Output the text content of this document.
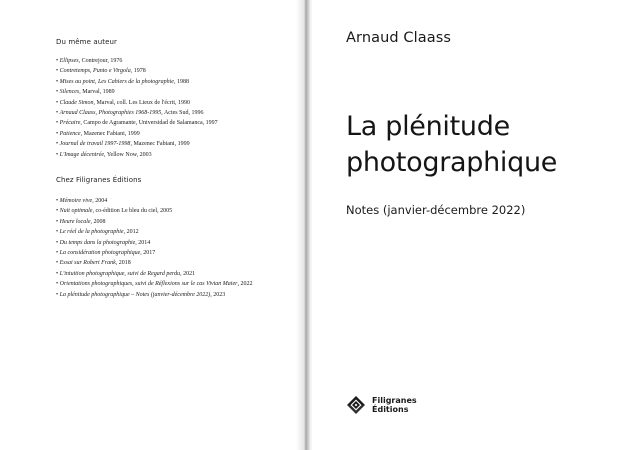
Du même auteur
• Ellipses, Contrejour, 1976
• Contretemps, Punto e Virgola, 1978
• Mises au point, Les Cahiers de la photographie, 1988
• Silences, Marval, 1989
• Claude Simon, Marval, coll. Les Lieux de l'écrit, 1990
• Arnaud Claass, Photographies 1968-1995, Actes Sud, 1996
• Précaire, Campo de Agramante, Universidad de Salamanca, 1997
• Patience, Mazenec Fabiani, 1999
• Journal de travail 1997-1998, Mazenec Fabiani, 1999
• L'Image décentrée, Yellow Now, 2003
Chez Filigranes Éditions
• Mémoire vive, 2004
• Nuit optimale, co-édition Le bleu du ciel, 2005
• Heure locale, 2008
• Le réel de la photographie, 2012
• Du temps dans la photographie, 2014
• La considération photographique, 2017
• Essai sur Robert Frank, 2018
• L'intuition photographique, suivi de Regard perdu, 2021
• Orientations photographiques, suivi de Réflexions sur le cas Vivian Maier, 2022
• La plénitude photographique – Notes (janvier-décembre 2022), 2023
Arnaud Claass
La plénitude
photographique
Notes (janvier-décembre 2022)
Filigranes
Éditions
